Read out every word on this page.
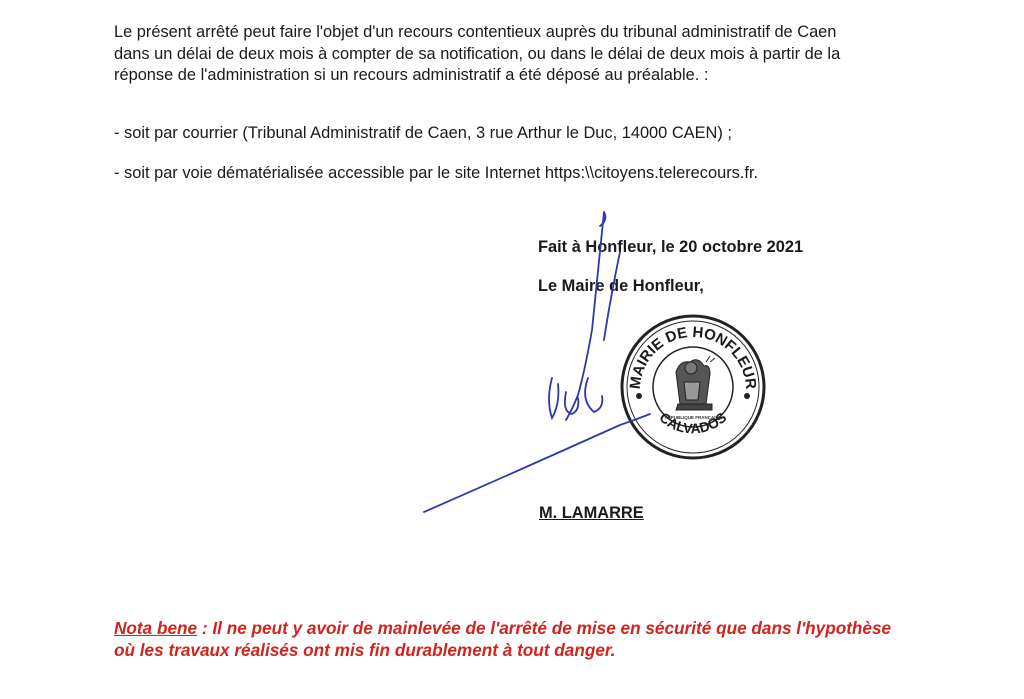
Le présent arrêté peut faire l'objet d'un recours contentieux auprès du tribunal administratif de Caen dans un délai de deux mois à compter de sa notification, ou dans le délai de deux mois à partir de la réponse de l'administration si un recours administratif a été déposé au préalable. :

- soit par courrier (Tribunal Administratif de Caen, 3 rue Arthur le Duc, 14000 CAEN) ;

- soit par voie dématérialisée accessible par le site Internet https:\\citoyens.telerecours.fr.

Fait à Honfleur, le 20 octobre 2021

Le Maire de Honfleur,

MAIRIE DE HONFLEUR
CALVADOS
RÉPUBLIQUE FRANÇAISE

M. LAMARRE

Nota bene : Il ne peut y avoir de mainlevée de l'arrêté de mise en sécurité que dans l'hypothèse où les travaux réalisés ont mis fin durablement à tout danger.
